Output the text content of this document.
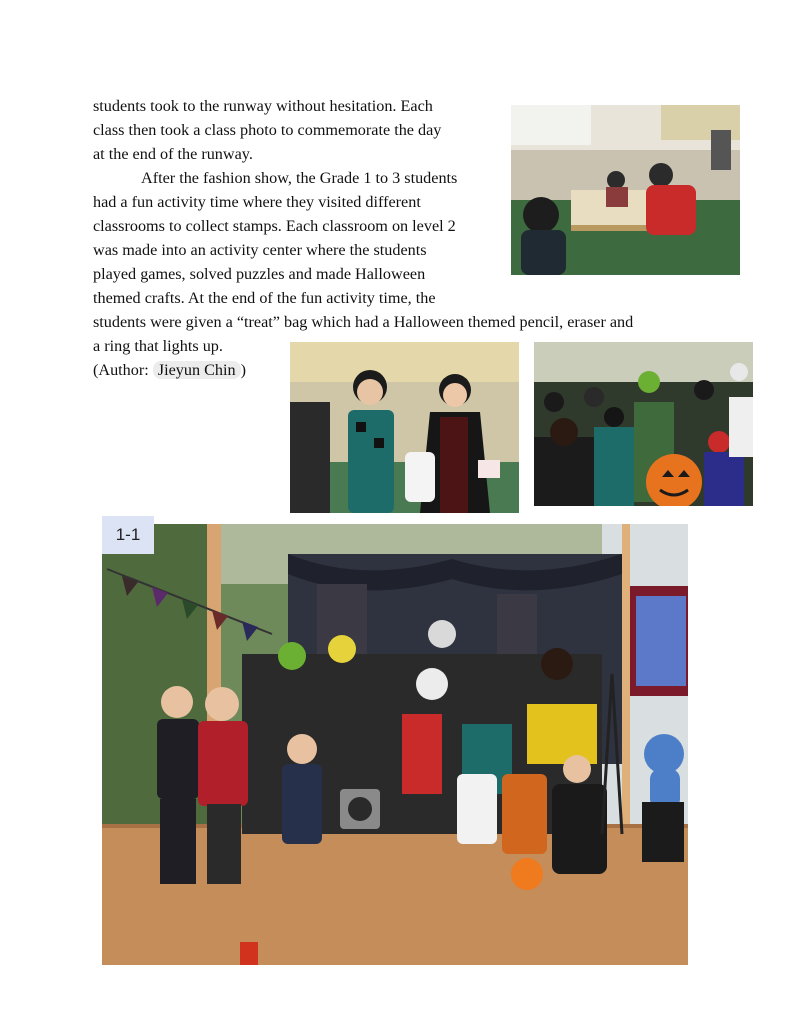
students took to the runway without hesitation. Each
class then took a class photo to commemorate the day
at the end of the runway.
After the fashion show, the Grade 1 to 3 students
had a fun activity time where they visited different
classrooms to collect stamps. Each classroom on level 2
was made into an activity center where the students
played games, solved puzzles and made Halloween
themed crafts. At the end of the fun activity time, the
students were given a “treat” bag which had a Halloween themed pencil, eraser and
a ring that lights up.
(Author: Jieyun Chin )
1-1
